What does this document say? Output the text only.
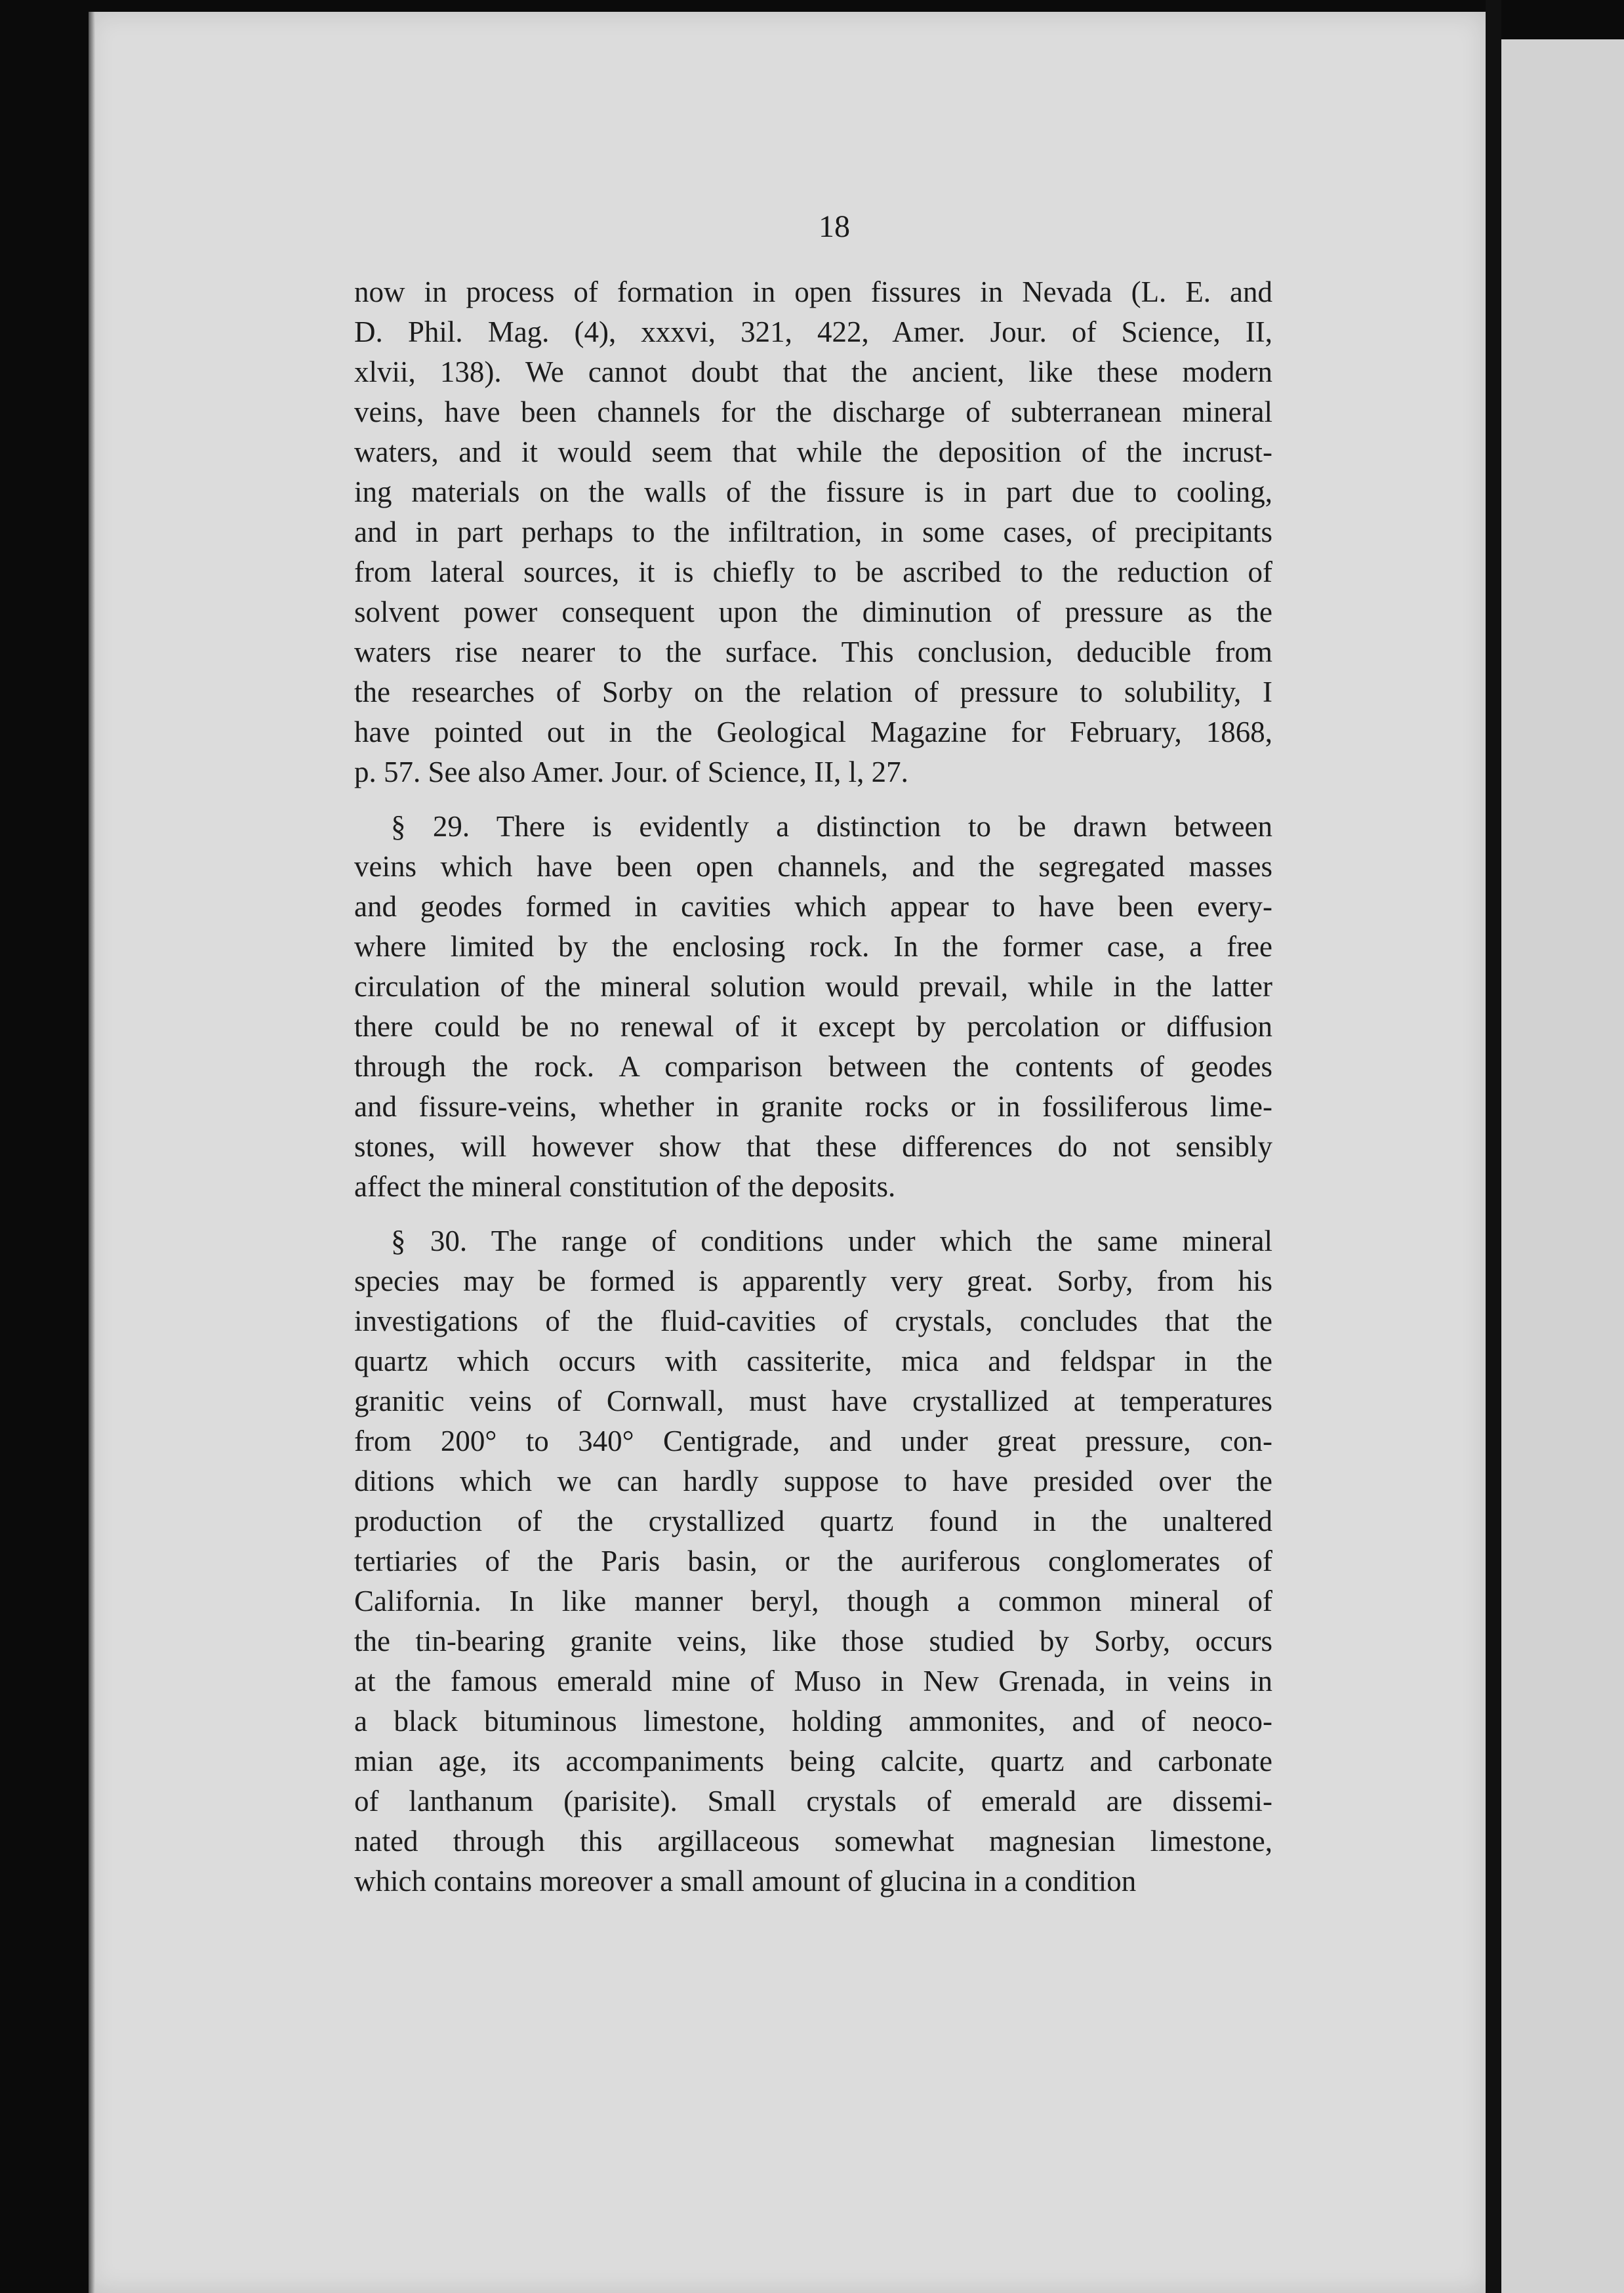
18
now in process of formation in open fissures in Nevada (L. E. and
D. Phil. Mag. (4), xxxvi, 321, 422, Amer. Jour. of Science, II,
xlvii, 138). We cannot doubt that the ancient, like these modern
veins, have been channels for the discharge of subterranean mineral
waters, and it would seem that while the deposition of the incrust-
ing materials on the walls of the fissure is in part due to cooling,
and in part perhaps to the infiltration, in some cases, of precipitants
from lateral sources, it is chiefly to be ascribed to the reduction of
solvent power consequent upon the diminution of pressure as the
waters rise nearer to the surface. This conclusion, deducible from
the researches of Sorby on the relation of pressure to solubility, I
have pointed out in the Geological Magazine for February, 1868,
p. 57. See also Amer. Jour. of Science, II, l, 27.
§ 29. There is evidently a distinction to be drawn between
veins which have been open channels, and the segregated masses
and geodes formed in cavities which appear to have been every-
where limited by the enclosing rock. In the former case, a free
circulation of the mineral solution would prevail, while in the latter
there could be no renewal of it except by percolation or diffusion
through the rock. A comparison between the contents of geodes
and fissure-veins, whether in granite rocks or in fossiliferous lime-
stones, will however show that these differences do not sensibly
affect the mineral constitution of the deposits.
§ 30. The range of conditions under which the same mineral
species may be formed is apparently very great. Sorby, from his
investigations of the fluid-cavities of crystals, concludes that the
quartz which occurs with cassiterite, mica and feldspar in the
granitic veins of Cornwall, must have crystallized at temperatures
from 200° to 340° Centigrade, and under great pressure, con-
ditions which we can hardly suppose to have presided over the
production of the crystallized quartz found in the unaltered
tertiaries of the Paris basin, or the auriferous conglomerates of
California. In like manner beryl, though a common mineral of
the tin-bearing granite veins, like those studied by Sorby, occurs
at the famous emerald mine of Muso in New Grenada, in veins in
a black bituminous limestone, holding ammonites, and of neoco-
mian age, its accompaniments being calcite, quartz and carbonate
of lanthanum (parisite). Small crystals of emerald are dissemi-
nated through this argillaceous somewhat magnesian limestone,
which contains moreover a small amount of glucina in a condition
